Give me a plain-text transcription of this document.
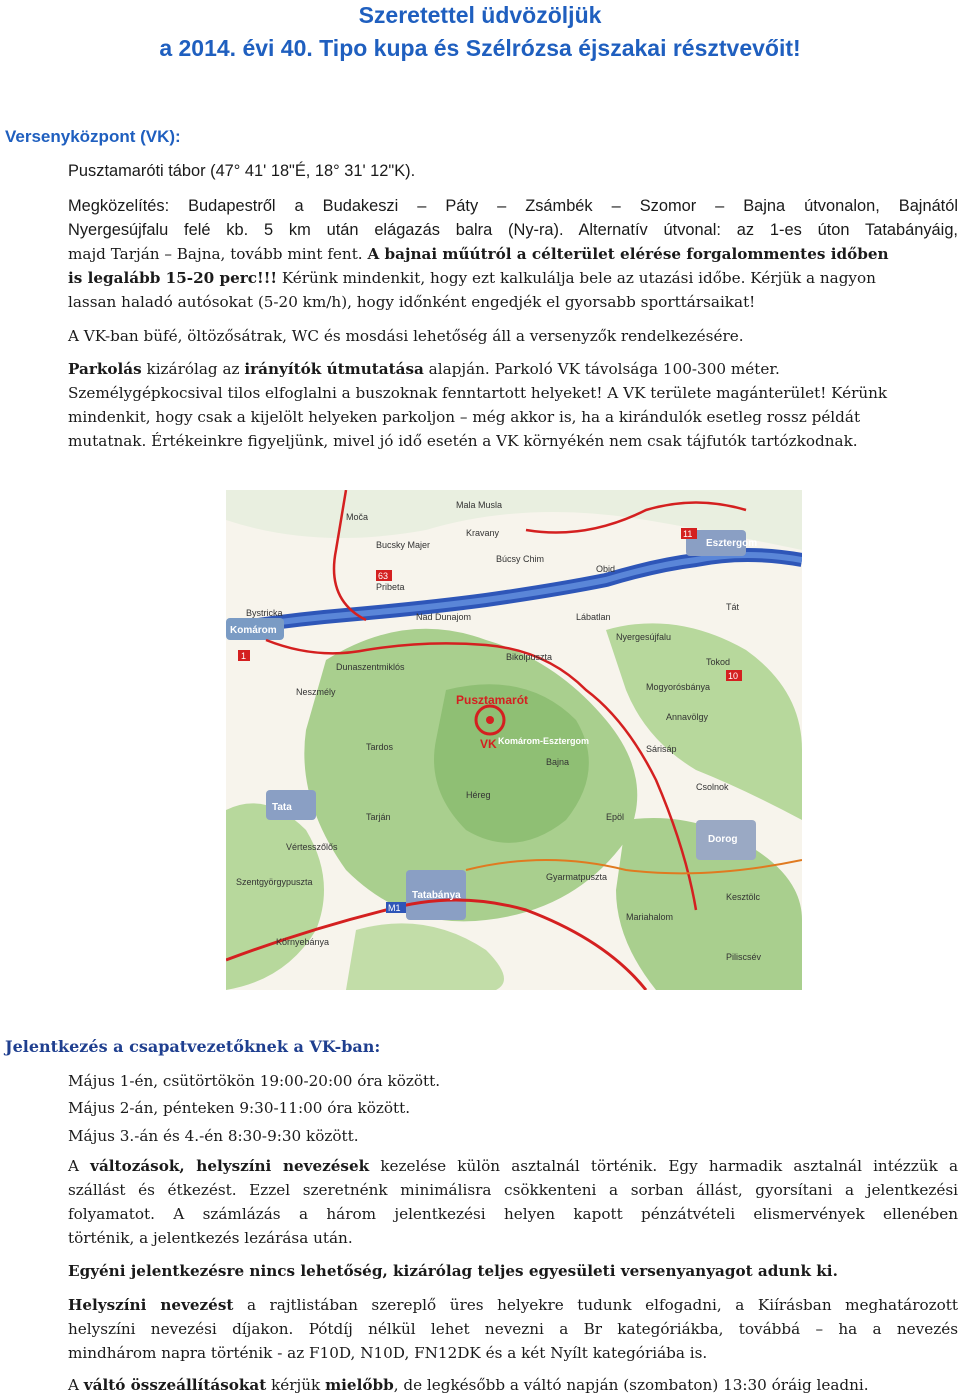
Szeretettel üdvözöljük
a 2014. évi 40. Tipo kupa és Szélrózsa éjszakai résztvevőit!
Versenyközpont (VK):
Pusztamaróti tábor (47° 41' 18"É, 18° 31' 12"K).
Megközelítés: Budapestről a Budakeszi – Páty – Zsámbék – Szomor – Bajna útvonalon, Bajnától
Nyergesújfalu felé kb. 5 km után elágazás balra (Ny-ra). Alternatív útvonal: az 1-es úton Tatabányáig,
majd Tarján – Bajna, tovább mint fent. A bajnai műútról a célterület elérése forgalommentes időben
is legalább 15-20 perc!!! Kérünk mindenkit, hogy ezt kalkulálja bele az utazási időbe. Kérjük a nagyon
lassan haladó autósokat (5-20 km/h), hogy időnként engedjék el gyorsabb sporttársaikat!
A VK-ban büfé, öltözősátrak, WC és mosdási lehetőség áll a versenyzők rendelkezésére.
Parkolás kizárólag az irányítók útmutatása alapján. Parkoló VK távolsága 100-300 méter.
Személygépkocsival tilos elfoglalni a buszoknak fenntartott helyeket! A VK területe magánterület! Kérünk
mindenkit, hogy csak a kijelölt helyeken parkoljon – még akkor is, ha a kirándulók esetleg rossz példát
mutatnak. Értékeinkre figyeljünk, mivel jó idő esetén a VK környékén nem csak tájfutók tartózkodnak.
Pusztamarót
VK Komárom-Esztergom
Mala Musla
Moča
Bucsky Majer
Kravany
Búcsy Chim
Obid
Esztergom
Bystricka
Pribeta
Nad Dunajom
Komárom
Lábatlan
Nyergesújfalu
Bikolpuszta
Dunaszentmiklós
Neszmély
Tardos
Bajna
Sárisáp
Tata
Héreg
Vértesszőlős
Tarján
Szentgyörgypuszta
Tatabánya
Környebánya
Gyarmatpuszta
Annavölgy
Epöl
Csolnok
Dorog
Mogyorósbánya
Tokod
Tát
Mariahalom
Kesztölc
Piliscsév
11
63
1
10
M1
Jelentkezés a csapatvezetőknek a VK-ban:
Május 1-én, csütörtökön 19:00-20:00 óra között.
Május 2-án, pénteken 9:30-11:00 óra között.
Május 3.-án és 4.-én 8:30-9:30 között.
A változások, helyszíni nevezések kezelése külön asztalnál történik. Egy harmadik asztalnál intézzük a
szállást és étkezést. Ezzel szeretnénk minimálisra csökkenteni a sorban állást, gyorsítani a jelentkezési
folyamatot. A számlázás a három jelentkezési helyen kapott pénzátvételi elismervények ellenében
történik, a jelentkezés lezárása után.
Egyéni jelentkezésre nincs lehetőség, kizárólag teljes egyesületi versenyanyagot adunk ki.
Helyszíni nevezést a rajtlistában szereplő üres helyekre tudunk elfogadni, a Kiírásban meghatározott
helyszíni nevezési díjakon. Pótdíj nélkül lehet nevezni a Br kategóriákba, továbbá – ha a nevezés
mindhárom napra történik - az F10D, N10D, FN12DK és a két Nyílt kategóriába is.
A váltó összeállításokat kérjük mielőbb, de legkésőbb a váltó napján (szombaton) 13:30 óráig leadni.
